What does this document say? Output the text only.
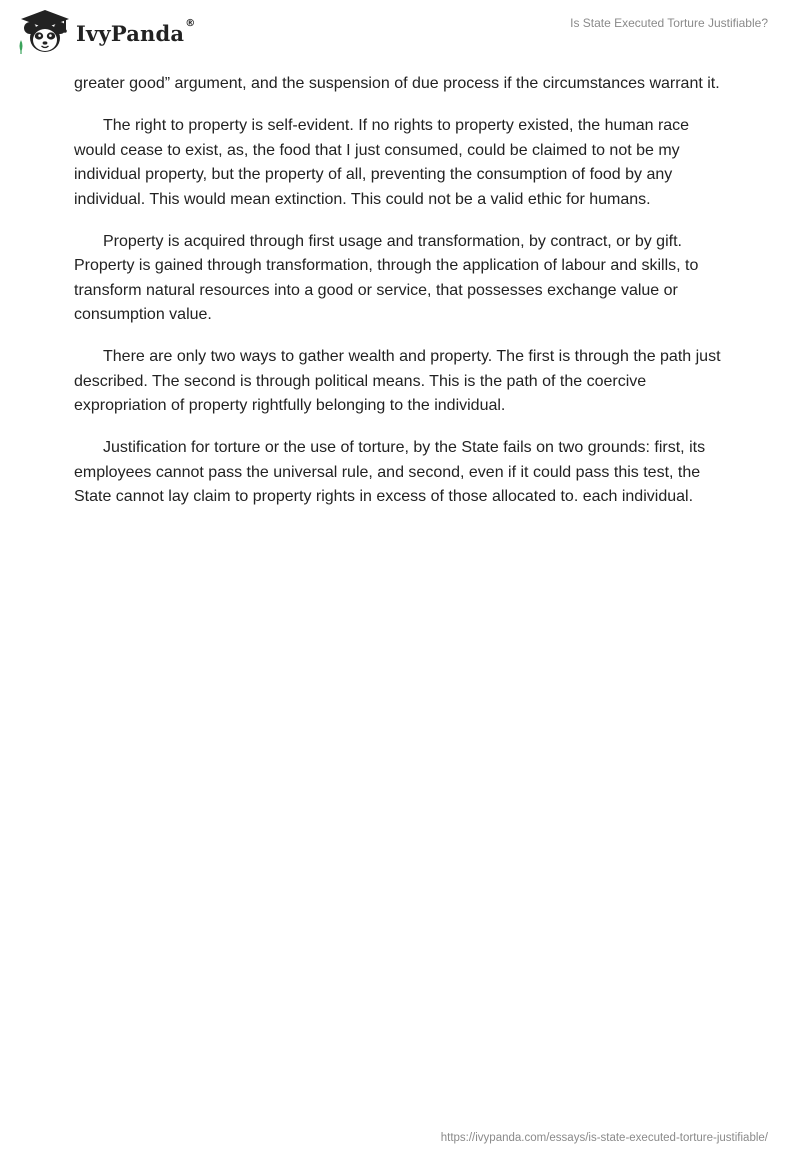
IvyPanda ®	Is State Executed Torture Justifiable?

greater good” argument, and the suspension of due process if the circumstances warrant it.

The right to property is self-evident. If no rights to property existed, the human race would cease to exist, as, the food that I just consumed, could be claimed to not be my individual property, but the property of all, preventing the consumption of food by any individual. This would mean extinction. This could not be a valid ethic for humans.

Property is acquired through first usage and transformation, by contract, or by gift. Property is gained through transformation, through the application of labour and skills, to transform natural resources into a good or service, that possesses exchange value or consumption value.

There are only two ways to gather wealth and property. The first is through the path just described. The second is through political means. This is the path of the coercive expropriation of property rightfully belonging to the individual.

Justification for torture or the use of torture, by the State fails on two grounds: first, its employees cannot pass the universal rule, and second, even if it could pass this test, the State cannot lay claim to property rights in excess of those allocated to. each individual.

https://ivypanda.com/essays/is-state-executed-torture-justifiable/
